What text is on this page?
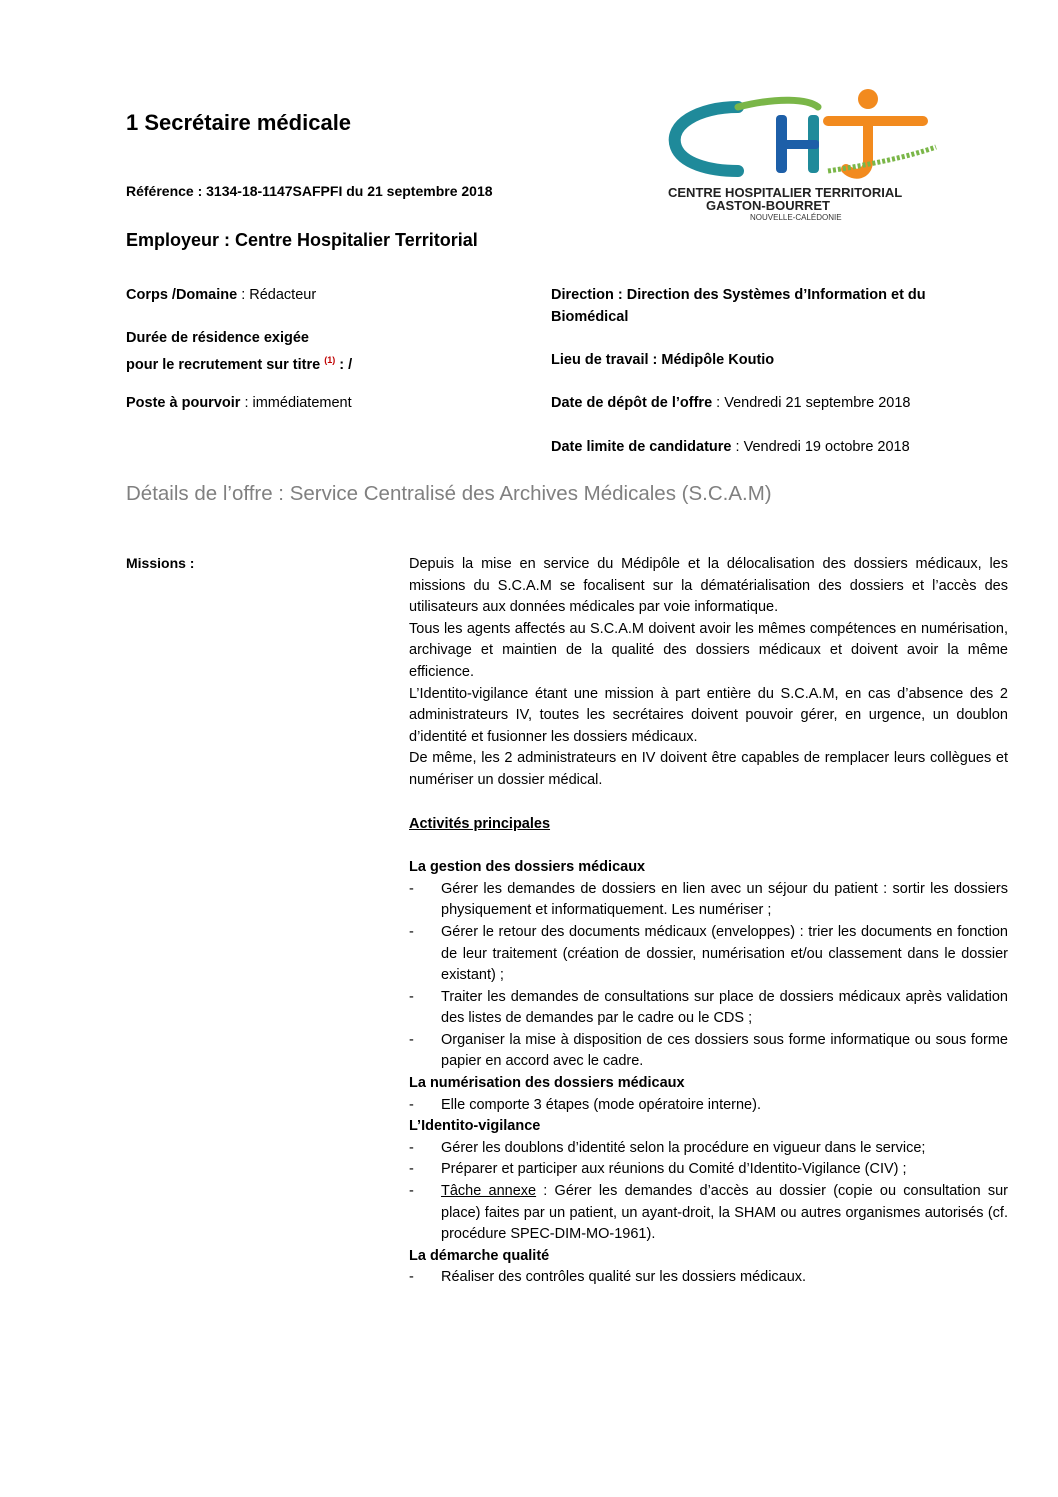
1 Secrétaire médicale
Référence : 3134-18-1147SAFPFI du 21 septembre 2018
Employeur : Centre Hospitalier Territorial
CENTRE HOSPITALIER TERRITORIAL
GASTON-BOURRET
NOUVELLE-CALÉDONIE
Corps /Domaine : Rédacteur
Durée de résidence exigée
pour le recrutement sur titre $^{(1)}$ : /
Poste à pourvoir : immédiatement
Direction : Direction des Systèmes d’Information et du
Biomédical
Lieu de travail : Médipôle Koutio
Date de dépôt de l’offre : Vendredi 21 septembre 2018
Date limite de candidature : Vendredi 19 octobre 2018
Détails de l’offre : Service Centralisé des Archives Médicales (S.C.A.M)
Missions :	Depuis la mise en service du Médipôle et la délocalisation des dossiers médicaux, les missions du S.C.A.M se focalisent sur la dématérialisation des dossiers et l’accès des utilisateurs aux données médicales par voie informatique.

Tous les agents affectés au S.C.A.M doivent avoir les mêmes compétences en numérisation, archivage et maintien de la qualité des dossiers médicaux et doivent avoir la même efficience.

L’Identito-vigilance étant une mission à part entière du S.C.A.M, en cas d’absence des 2 administrateurs IV, toutes les secrétaires doivent pouvoir gérer, en urgence, un doublon d’identité et fusionner les dossiers médicaux.

De même, les 2 administrateurs en IV doivent être capables de remplacer leurs collègues et numériser un dossier médical.

Activités principales

La gestion des dossiers médicaux

- Gérer les demandes de dossiers en lien avec un séjour du patient : sortir les dossiers physiquement et informatiquement. Les numériser ;
- Gérer le retour des documents médicaux (enveloppes) : trier les documents en fonction de leur traitement (création de dossier, numérisation et/ou classement dans le dossier existant) ;
- Traiter les demandes de consultations sur place de dossiers médicaux après validation des listes de demandes par le cadre ou le CDS ;
- Organiser la mise à disposition de ces dossiers sous forme informatique ou sous forme papier en accord avec le cadre.

La numérisation des dossiers médicaux

- Elle comporte 3 étapes (mode opératoire interne).

L’Identito-vigilance

- Gérer les doublons d’identité selon la procédure en vigueur dans le service;
- Préparer et participer aux réunions du Comité d’Identito-Vigilance (CIV) ;
- Tâche annexe : Gérer les demandes d’accès au dossier (copie ou consultation sur place) faites par un patient, un ayant-droit, la SHAM ou autres organismes autorisés (cf. procédure SPEC-DIM-MO-1961).

La démarche qualité

- Réaliser des contrôles qualité sur les dossiers médicaux.
